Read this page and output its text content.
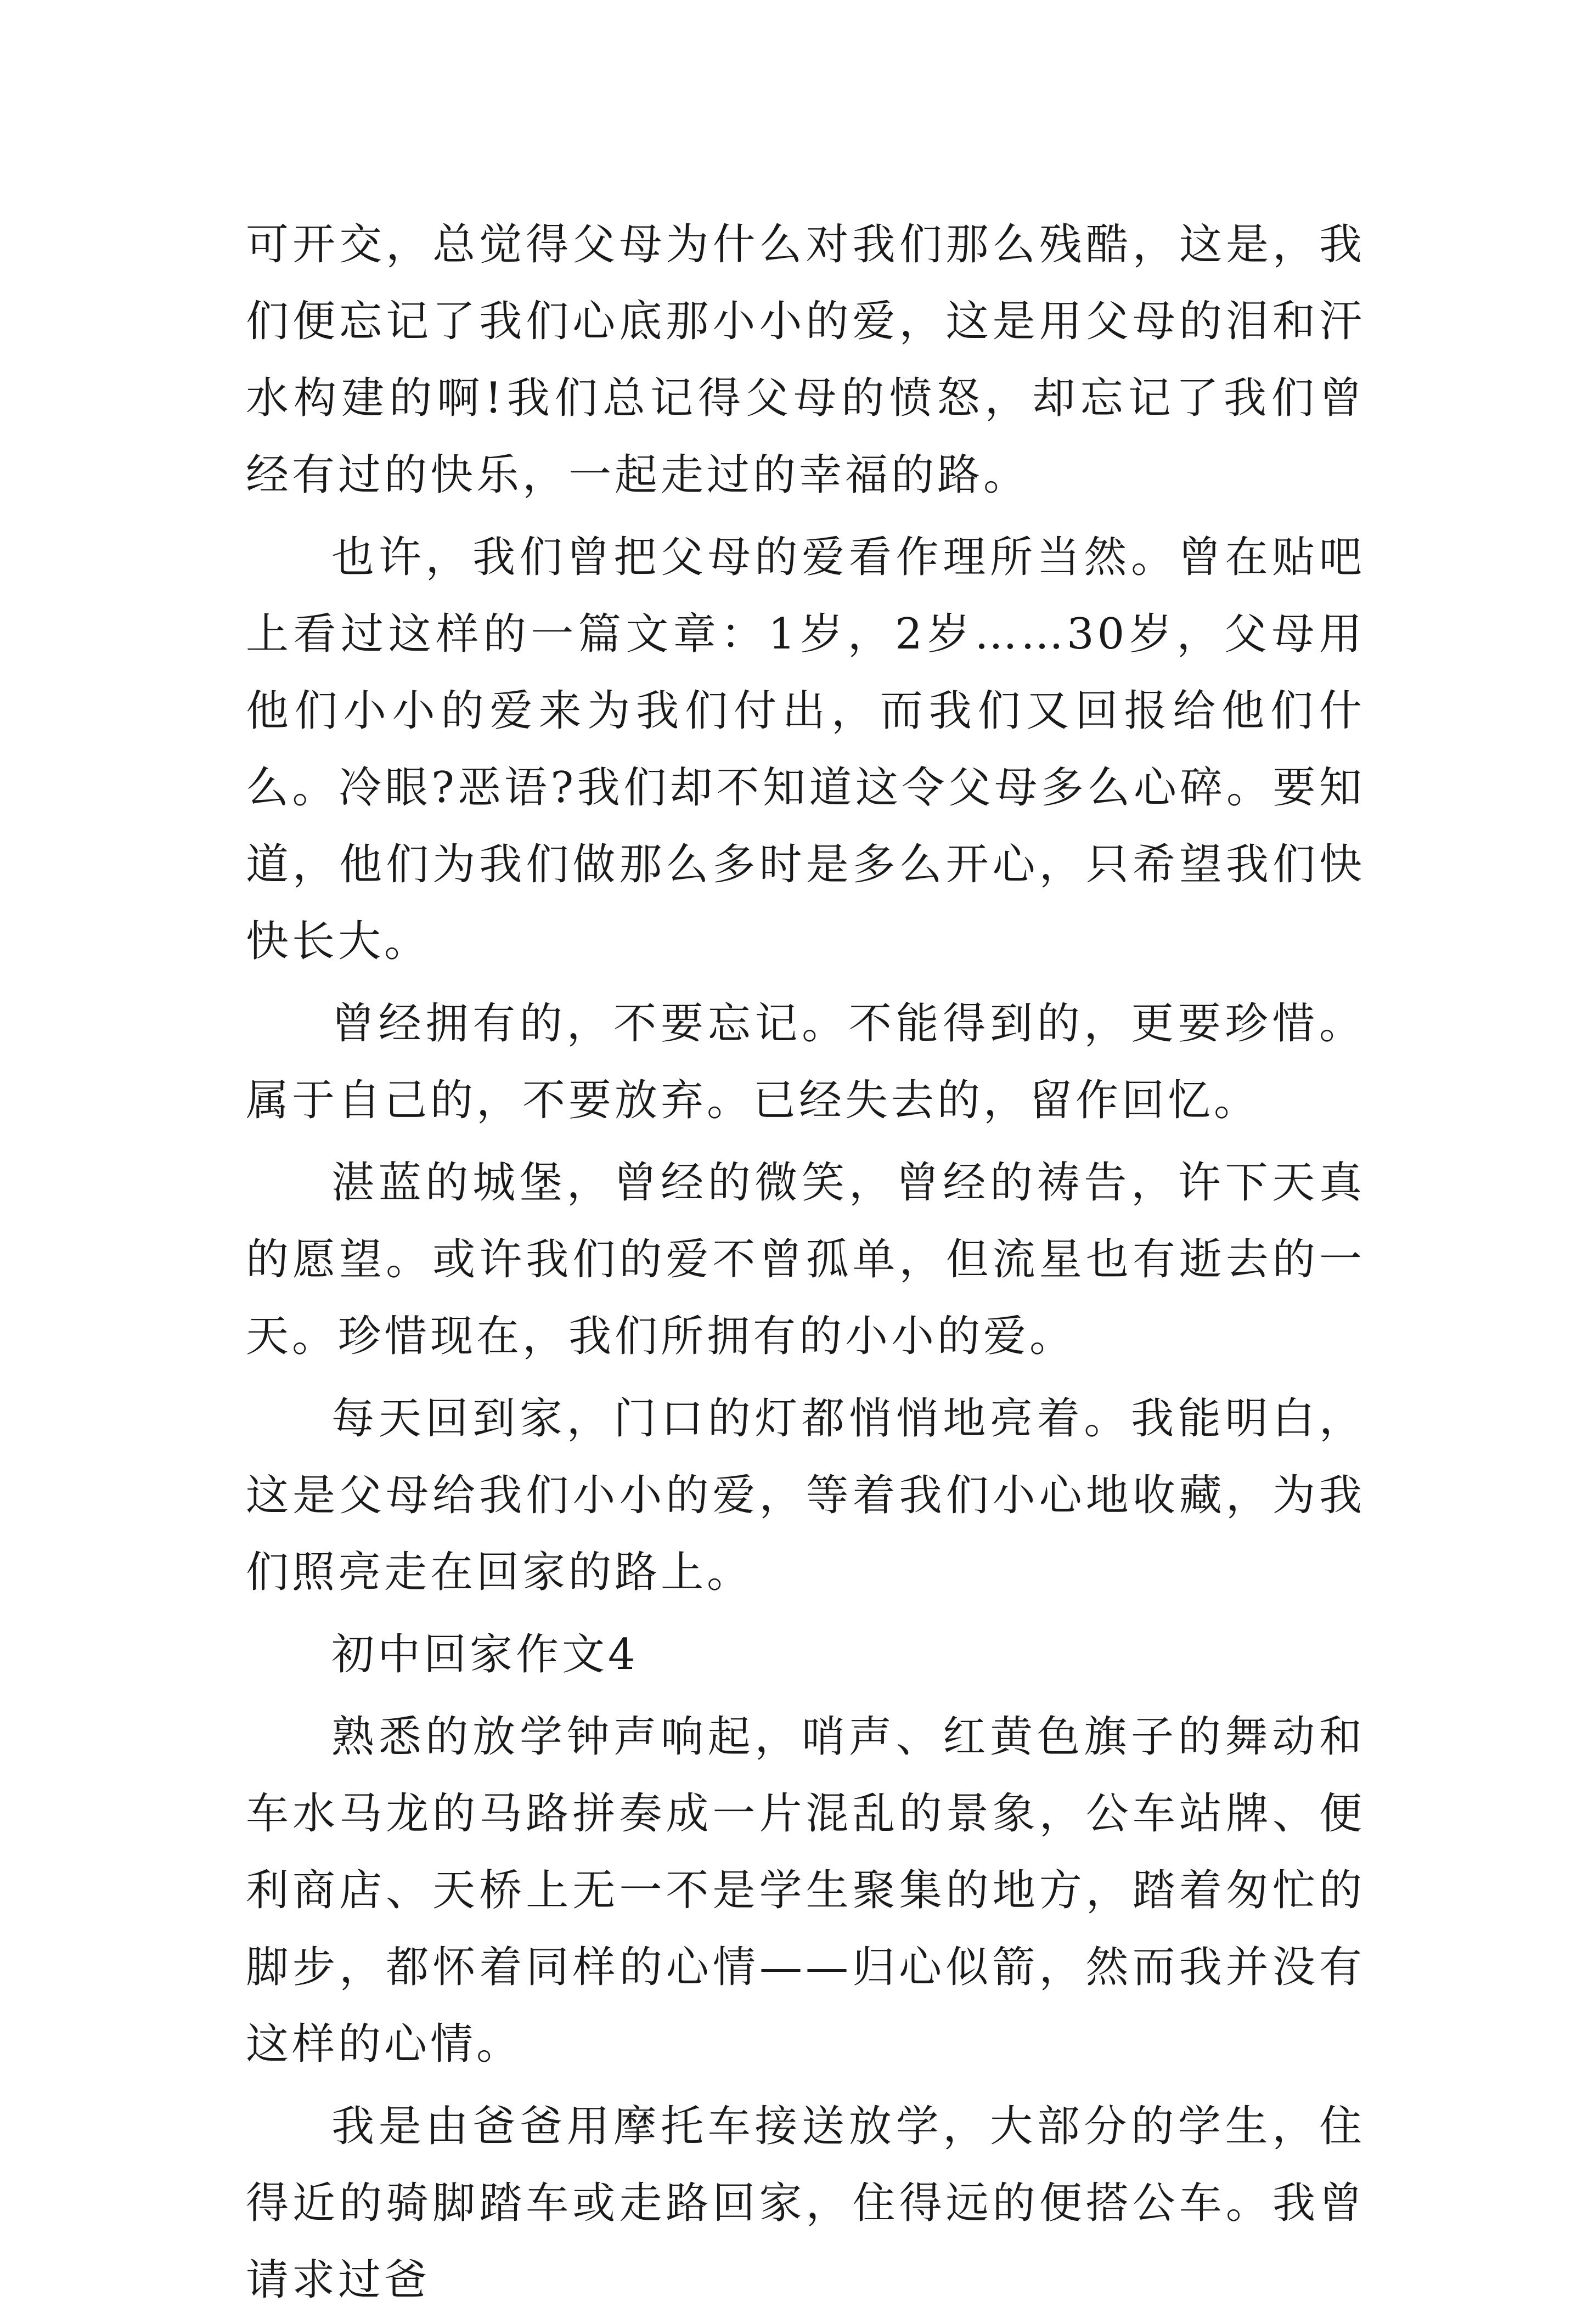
可开交，总觉得父母为什么对我们那么残酷，这是，我们便忘记了我们心底那小小的爱，这是用父母的泪和汗水构建的啊!我们总记得父母的愤怒，却忘记了我们曾经有过的快乐，一起走过的幸福的路。

也许，我们曾把父母的爱看作理所当然。曾在贴吧上看过这样的一篇文章：1岁，2岁……30岁，父母用他们小小的爱来为我们付出，而我们又回报给他们什么。冷眼?恶语?我们却不知道这令父母多么心碎。要知道，他们为我们做那么多时是多么开心，只希望我们快快长大。

曾经拥有的，不要忘记。不能得到的，更要珍惜。属于自己的，不要放弃。已经失去的，留作回忆。

湛蓝的城堡，曾经的微笑，曾经的祷告，许下天真的愿望。或许我们的爱不曾孤单，但流星也有逝去的一天。珍惜现在，我们所拥有的小小的爱。

每天回到家，门口的灯都悄悄地亮着。我能明白，这是父母给我们小小的爱，等着我们小心地收藏，为我们照亮走在回家的路上。

初中回家作文4

熟悉的放学钟声响起，哨声、红黄色旗子的舞动和车水马龙的马路拼奏成一片混乱的景象，公车站牌、便利商店、天桥上无一不是学生聚集的地方，踏着匆忙的脚步，都怀着同样的心情——归心似箭，然而我并没有这样的心情。

我是由爸爸用摩托车接送放学，大部分的学生，住得近的骑脚踏车或走路回家，住得远的便搭公车。我曾请求过爸
